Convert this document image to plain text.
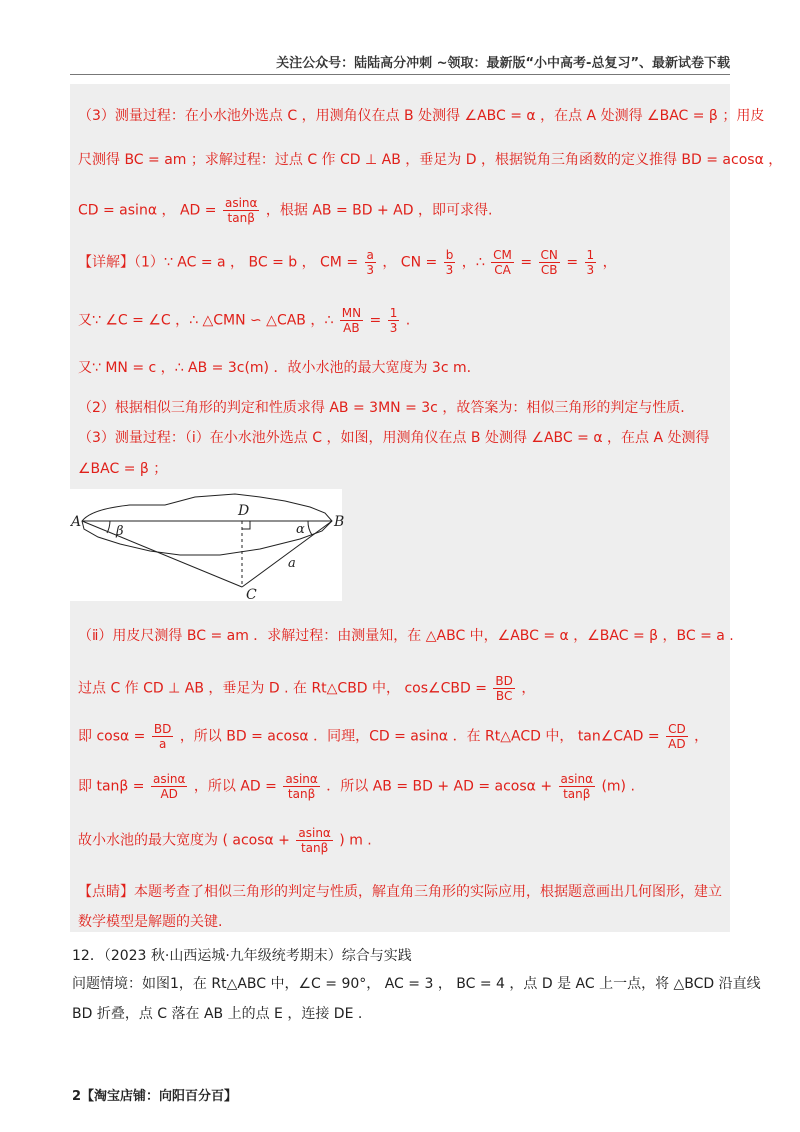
关注公众号：陆陆高分冲刺 ~领取：最新版“小中高考-总复习”、最新试卷下载
（3）测量过程：在小水池外选点 C ，用测角仪在点 B 处测得 ∠ABC = α ，在点 A 处测得 ∠BAC = β ；用皮
尺测得 BC = am ；求解过程：过点 C 作 CD ⊥ AB ，垂足为 D ，根据锐角三角函数的定义推得 BD = acosα ，
CD = asinα ， AD = $\frac{asin\alpha}{\tan\beta}$ ，根据 AB = BD + AD ，即可求得.
【详解】（1）∵ AC = a ， BC = b ， CM = $\frac{a}{3}$ ， CN = $\frac{b}{3}$ ，∴ $\frac{CM}{CA} = \frac{CN}{CB} = \frac{1}{3}$ ，
又∵ ∠C = ∠C ，∴ △CMN ∽ △CAB ，∴ $\frac{MN}{AB} = \frac{1}{3}$ .
又∵ MN = c ，∴ AB = 3c(m) ．故小水池的最大宽度为 3c m.
（2）根据相似三角形的判定和性质求得 AB = 3MN = 3c ，故答案为：相似三角形的判定与性质.
（3）测量过程：（ⅰ）在小水池外选点 C ，如图，用测角仪在点 B 处测得 ∠ABC = α ，在点 A 处测得
∠BAC = β ；
（ⅱ）用皮尺测得 BC = am ．求解过程：由测量知，在 △ABC 中，∠ABC = α ，∠BAC = β ，BC = a .
过点 C 作 CD ⊥ AB ，垂足为 D . 在 Rt△CBD 中， cos∠CBD = $\frac{BD}{BC}$ ，
即 $\cos\alpha = \frac{BD}{a}$ ，所以 BD = acosα ．同理，CD = asinα ．在 Rt△ACD 中， tan∠CAD = $\frac{CD}{AD}$ ，
即 $\tan\beta = \frac{asin\alpha}{AD}$ ，所以 AD = $\frac{asin\alpha}{\tan\beta}$ ．所以 AB = BD + AD = $acos\alpha + \frac{asin\alpha}{\tan\beta} (m)$ .
故小水池的最大宽度为 ( $acos\alpha + \frac{asin\alpha}{\tan\beta}$ ) m .
【点睛】本题考查了相似三角形的判定与性质，解直角三角形的实际应用，根据题意画出几何图形，建立
数学模型是解题的关键.
A	B
C
D
β	α
a
12．（2023 秋·山西运城·九年级统考期末）综合与实践
问题情境：如图1，在 Rt△ABC 中，∠C = 90°， AC = 3 ， BC = 4 ，点 D 是 AC 上一点，将 △BCD 沿直线
BD 折叠，点 C 落在 AB 上的点 E ，连接 DE .
2【淘宝店铺：向阳百分百】
